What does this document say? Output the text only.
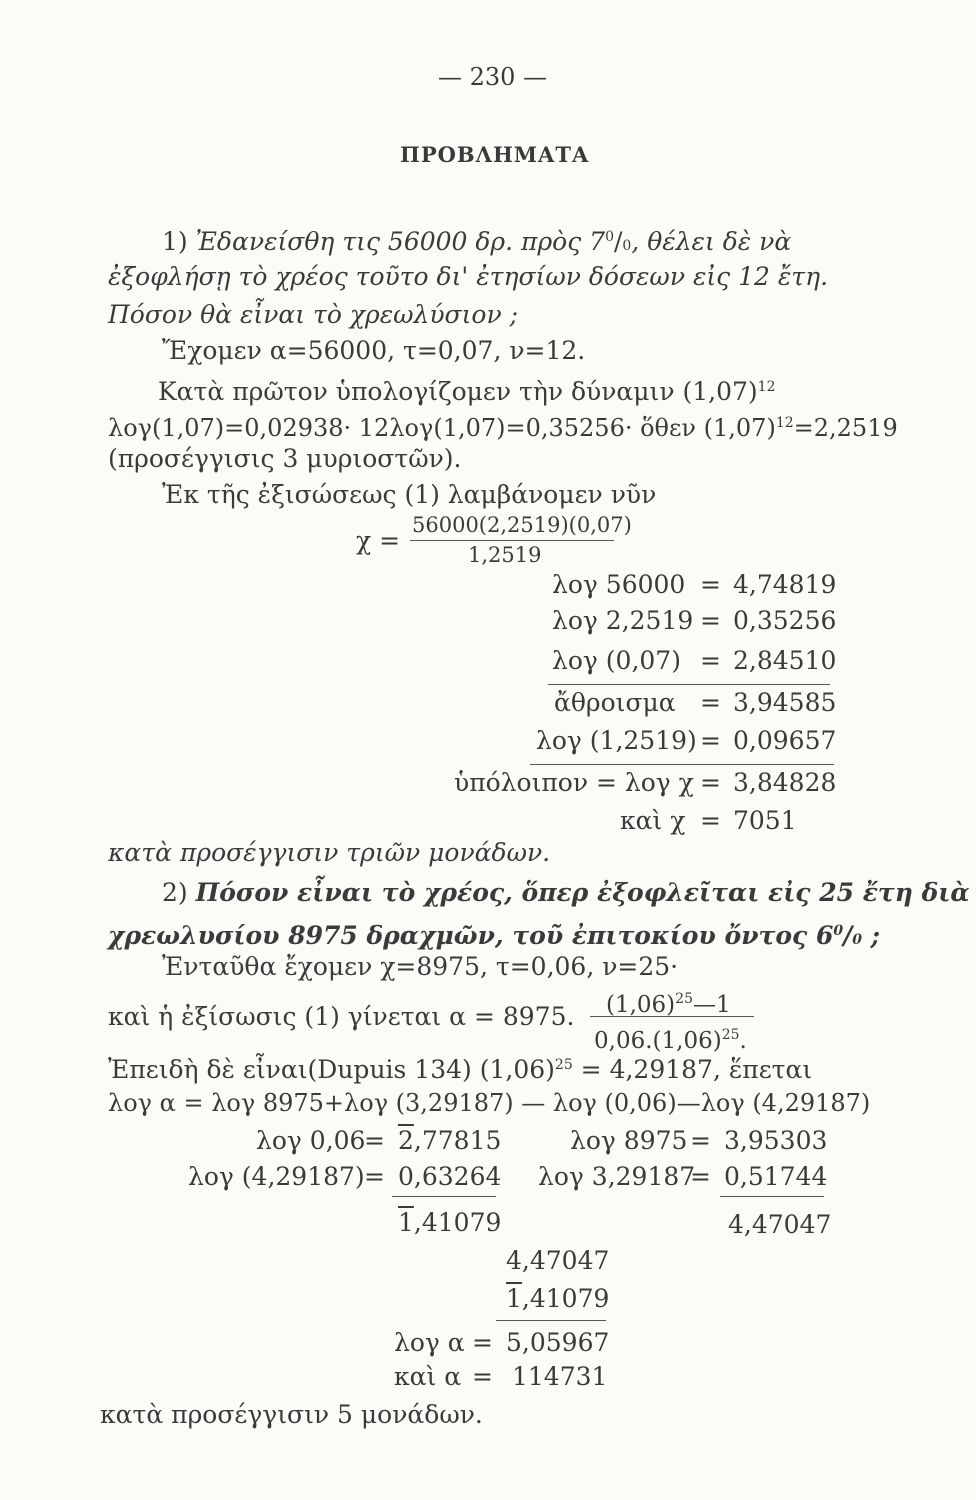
— 230 —
ΠΡΟΒΛΗΜΑΤΑ
1) Ἐδανείσθη τις 56000 δρ. πρὸς $7^0/0$, θέλει δὲ νὰ
ἐξοφλήσῃ τὸ χρέος τοῦτο δι' ἐτησίων δόσεων εἰς 12 ἔτη.
Πόσον θὰ εἶναι τὸ χρεωλύσιον ;
Ἔχομεν α=56000, τ=0,07, ν=12.
Κατὰ πρῶτον ὑπολογίζομεν τὴν δύναμιν $(1,07)^{12}$
λογ(1,07)=0,02938· 12λογ(1,07)=0,35256· ὅθεν $(1,07)^{12}=2,2519$
(προσέγγισις 3 μυριοστῶν).
Ἐκ τῆς ἐξισώσεως (1) λαμβάνομεν νῦν
χ =
56000(2,2519)(0,07)
1,2519
λογ 56000 = 4,74819
λογ 2,2519 = 0,35256
λογ (0,07) = 2,84510
ἄθροισμα = 3,94585
λογ (1,2519) = 0,09657
ὑπόλοιπον = λογ χ = 3,84828
καὶ χ = 7051
κατὰ προσέγγισιν τριῶν μονάδων.
2) Πόσον εἶναι τὸ χρέος, ὅπερ ἐξοφλεῖται εἰς 25 ἔτη διὰ
χρεωλυσίου 8975 δραχμῶν, τοῦ ἐπιτοκίου ὄντος $6^0/0$ ;
Ἐνταῦθα ἔχομεν χ=8975, τ=0,06, ν=25·
καὶ ἡ ἐξίσωσις (1) γίνεται α = 8975. $(1,06)^{25}—1$
$0,06.(1,06)^{25}$.
Ἐπειδὴ δὲ εἶναι(Dupuis 134) $(1,06)^{25} = 4,29187$, ἕπεται
λογ α = λογ 8975+λογ (3,29187) — λογ (0,06)—λογ (4,29187)
λογ 0,06
= 2,77815
λογ (4,29187) = 0,63264
1,41079
λογ 8975 = 3,95303
λογ 3,29187
= 0,51744
4,47047
4,47047
1,41079
λογ α = 5,05967
καὶ α = 114731
κατὰ προσέγγισιν 5 μονάδων.
